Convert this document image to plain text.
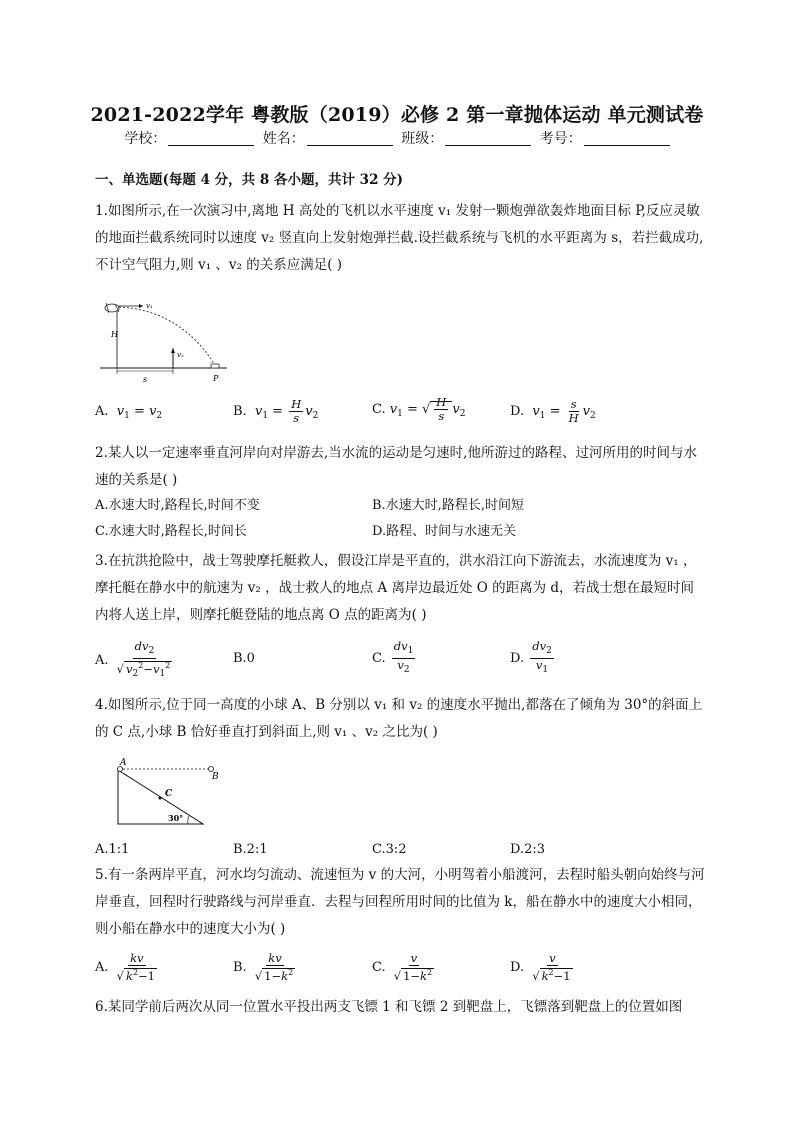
2021-2022学年 粤教版（2019）必修 2 第一章抛体运动 单元测试卷
学校：	姓名：	班级：	考号：
一、单选题(每题 4 分，共 8 各小题，共计 32 分)
1.如图所示,在一次演习中,离地 H 高处的飞机以水平速度 v₁ 发射一颗炮弹欲轰炸地面目标 P,反应灵敏的地面拦截系统同时以速度 v₂ 竖直向上发射炮弹拦截.设拦截系统与飞机的水平距离为 s，若拦截成功,不计空气阻力,则 v₁ 、v₂ 的关系应满足( )
v₁
H
v₂
s	P
A.  $v_1 = v_2$	B.  $v_1 = \frac{H}{s} v_2$	C. $v_1$ = √ $\frac{H}{s} v_2$	D.  $v_1 = \frac{s}{H} v_2$
2.某人以一定速率垂直河岸向对岸游去,当水流的运动是匀速时,他所游过的路程、过河所用的时间与水速的关系是( )
A.水速大时,路程长,时间不变	B.水速大时,路程长,时间短
C.水速大时,路程长,时间长	D.路程、时间与水速无关
3.在抗洪抢险中，战士驾驶摩托艇救人，假设江岸是平直的，洪水沿江向下游流去，水流速度为 v₁ ，摩托艇在静水中的航速为 v₂ ，战士救人的地点 A 离岸边最近处 O 的距离为 d，若战士想在最短时间内将人送上岸，则摩托艇登陆的地点离 O 点的距离为( )
A. $\frac{dv_2}{√ v_2^2-v_1^2}$	B.0	C. $\frac{dv_1}{v_2}$	D. $\frac{dv_2}{v_1}$
4.如图所示,位于同一高度的小球 A、B 分别以 v₁ 和 v₂ 的速度水平抛出,都落在了倾角为 30°的斜面上的 C 点,小球 B 恰好垂直打到斜面上,则 v₁ 、v₂ 之比为( )
A
B
C
30°
A.1:1	B.2:1	C.3:2	D.2:3
5.有一条两岸平直，河水均匀流动、流速恒为 v 的大河，小明驾着小船渡河，去程时船头朝向始终与河岸垂直，回程时行驶路线与河岸垂直．去程与回程所用时间的比值为 k，船在静水中的速度大小相同，则小船在静水中的速度大小为( )
A. $\frac{kv}{√ k^2-1}$	B. $\frac{kv}{√ 1-k^2}$	C. $\frac{v}{√ 1-k^2}$	D. $\frac{v}{√ k^2-1}$
6.某同学前后两次从同一位置水平投出两支飞镖 1 和飞镖 2 到靶盘上，飞镖落到靶盘上的位置如图
